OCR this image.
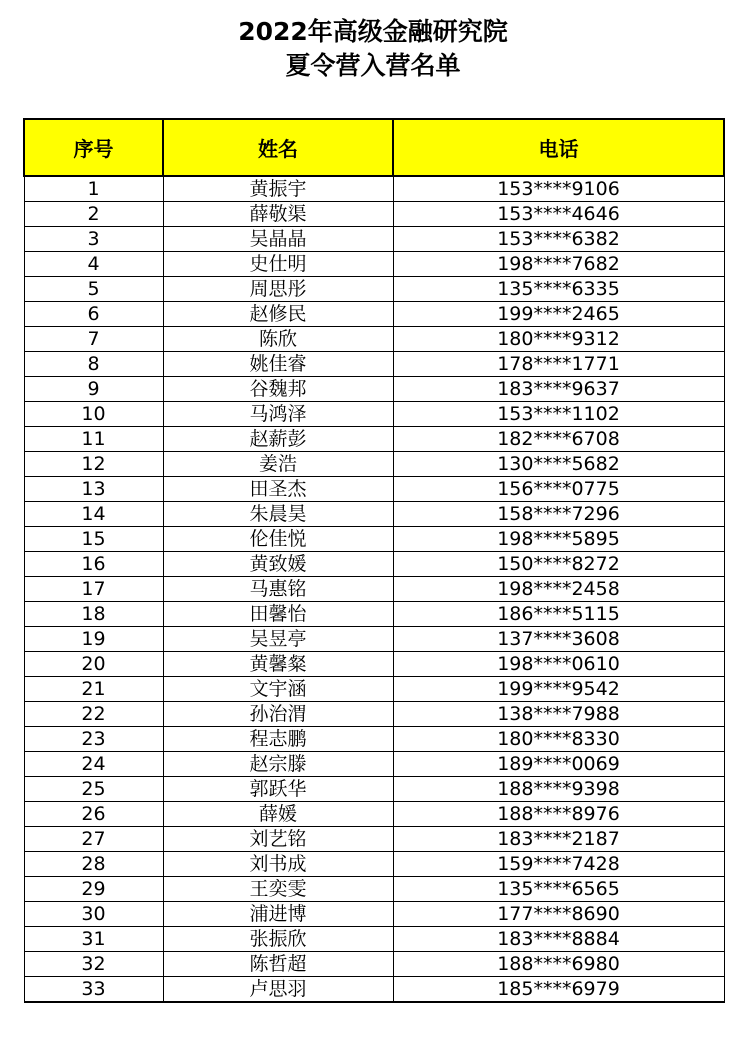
2022年高级金融研究院
夏令营入营名单
序号	姓名	电话
1	黄振宇	153****9106
2	薛敬渠	153****4646
3	吴晶晶	153****6382
4	史仕明	198****7682
5	周思彤	135****6335
6	赵修民	199****2465
7	陈欣	180****9312
8	姚佳睿	178****1771
9	谷魏邦	183****9637
10	马鸿泽	153****1102
11	赵薪彭	182****6708
12	姜浩	130****5682
13	田圣杰	156****0775
14	朱晨昊	158****7296
15	伦佳悦	198****5895
16	黄致媛	150****8272
17	马惠铭	198****2458
18	田馨怡	186****5115
19	吴昱亭	137****3608
20	黄馨粲	198****0610
21	文宇涵	199****9542
22	孙治渭	138****7988
23	程志鹏	180****8330
24	赵宗滕	189****0069
25	郭跃华	188****9398
26	薛媛	188****8976
27	刘艺铭	183****2187
28	刘书成	159****7428
29	王奕雯	135****6565
30	浦进博	177****8690
31	张振欣	183****8884
32	陈哲超	188****6980
33	卢思羽	185****6979
